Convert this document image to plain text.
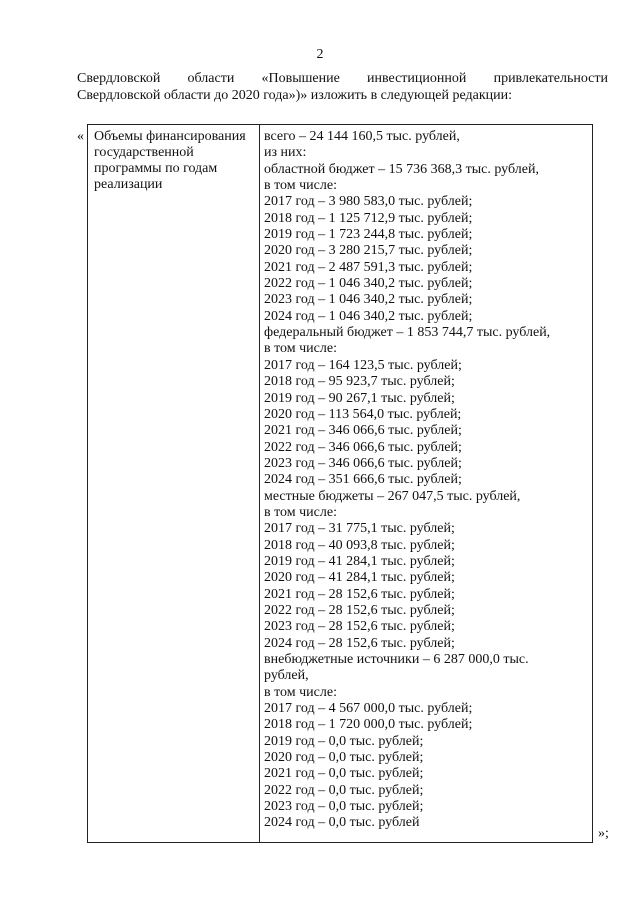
2
Свердловской области «Повышение инвестиционной привлекательности
Свердловской области до 2020 года»)» изложить в следующей редакции:
« Объемы финансирования
государственной
программы по годам
реализации
всего – 24 144 160,5 тыс. рублей,
из них:
областной бюджет – 15 736 368,3 тыс. рублей,
в том числе:
2017 год – 3 980 583,0 тыс. рублей;
2018 год – 1 125 712,9 тыс. рублей;
2019 год – 1 723 244,8 тыс. рублей;
2020 год – 3 280 215,7 тыс. рублей;
2021 год – 2 487 591,3 тыс. рублей;
2022 год – 1 046 340,2 тыс. рублей;
2023 год – 1 046 340,2 тыс. рублей;
2024 год – 1 046 340,2 тыс. рублей;
федеральный бюджет – 1 853 744,7 тыс. рублей,
в том числе:
2017 год – 164 123,5 тыс. рублей;
2018 год – 95 923,7 тыс. рублей;
2019 год – 90 267,1 тыс. рублей;
2020 год – 113 564,0 тыс. рублей;
2021 год – 346 066,6 тыс. рублей;
2022 год – 346 066,6 тыс. рублей;
2023 год – 346 066,6 тыс. рублей;
2024 год – 351 666,6 тыс. рублей;
местные бюджеты – 267 047,5 тыс. рублей,
в том числе:
2017 год – 31 775,1 тыс. рублей;
2018 год – 40 093,8 тыс. рублей;
2019 год – 41 284,1 тыс. рублей;
2020 год – 41 284,1 тыс. рублей;
2021 год – 28 152,6 тыс. рублей;
2022 год – 28 152,6 тыс. рублей;
2023 год – 28 152,6 тыс. рублей;
2024 год – 28 152,6 тыс. рублей;
внебюджетные источники – 6 287 000,0 тыс.
рублей,
в том числе:
2017 год – 4 567 000,0 тыс. рублей;
2018 год – 1 720 000,0 тыс. рублей;
2019 год – 0,0 тыс. рублей;
2020 год – 0,0 тыс. рублей;
2021 год – 0,0 тыс. рублей;
2022 год – 0,0 тыс. рублей;
2023 год – 0,0 тыс. рублей;
2024 год – 0,0 тыс. рублей
»;
